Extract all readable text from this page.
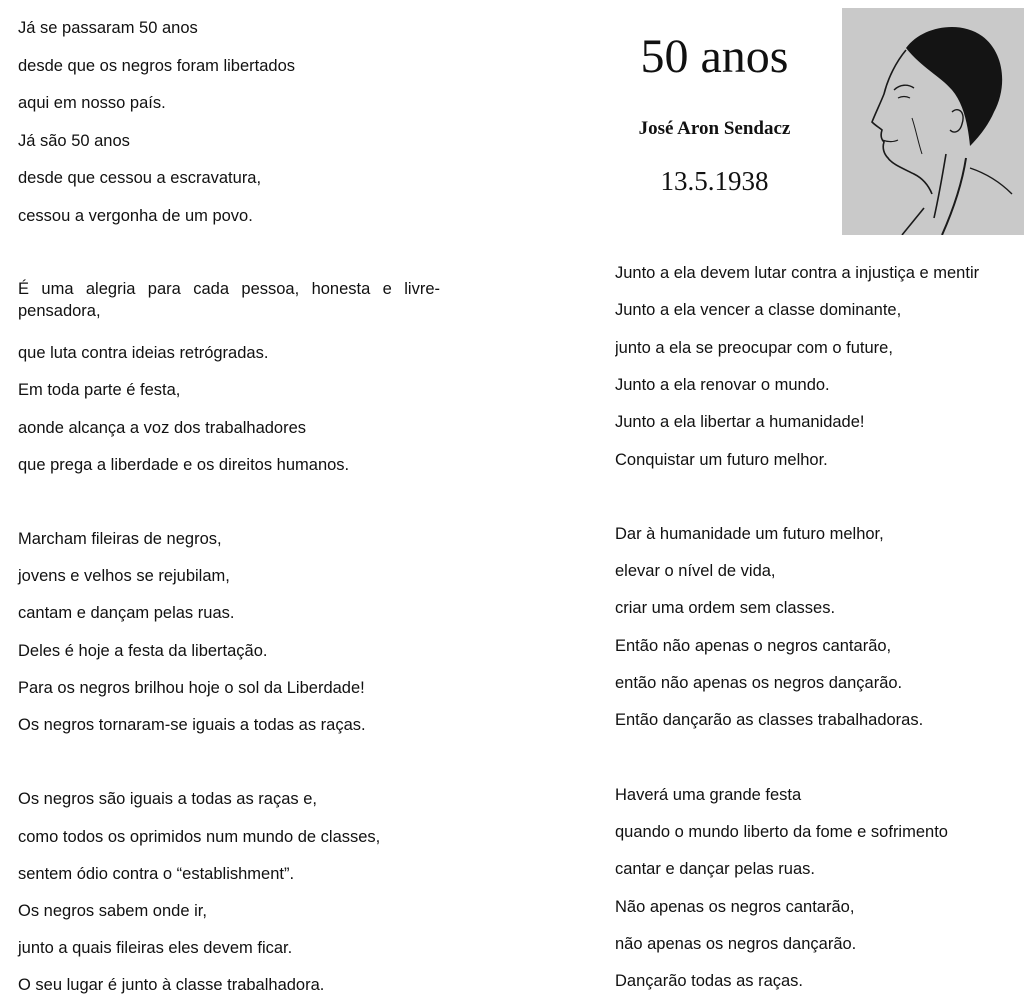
50 anos
José Aron Sendacz
13.5.1938
Já se passaram 50 anos
desde que os negros foram libertados
aqui em nosso país.
Já são 50 anos
desde que cessou a escravatura,
cessou a vergonha de um povo.
É uma alegria para cada pessoa, honesta e livre-pensadora,
que luta contra ideias retrógradas.
Em toda parte é festa,
aonde alcança a voz dos trabalhadores
que prega a liberdade e os direitos humanos.
Marcham fileiras de negros,
jovens e velhos se rejubilam,
cantam e dançam pelas ruas.
Deles é hoje a festa da libertação.
Para os negros brilhou hoje o sol da Liberdade!
Os negros tornaram-se iguais a todas as raças.
Os negros são iguais a todas as raças e,
como todos os oprimidos num mundo de classes,
sentem ódio contra o “establishment”.
Os negros sabem onde ir,
junto a quais fileiras eles devem ficar.
O seu lugar é junto à classe trabalhadora.
Junto a ela devem lutar contra a injustiça e mentir
Junto a ela vencer a classe dominante,
junto a ela se preocupar com o future,
Junto a ela renovar o mundo.
Junto a ela libertar a humanidade!
Conquistar um futuro melhor.
Dar à humanidade um futuro melhor,
elevar o nível de vida,
criar uma ordem sem classes.
Então não apenas o negros cantarão,
então não apenas os negros dançarão.
Então dançarão as classes trabalhadoras.
Haverá uma grande festa
quando o mundo liberto da fome e sofrimento
cantar e dançar pelas ruas.
Não apenas os negros cantarão,
não apenas os negros dançarão.
Dançarão todas as raças.
